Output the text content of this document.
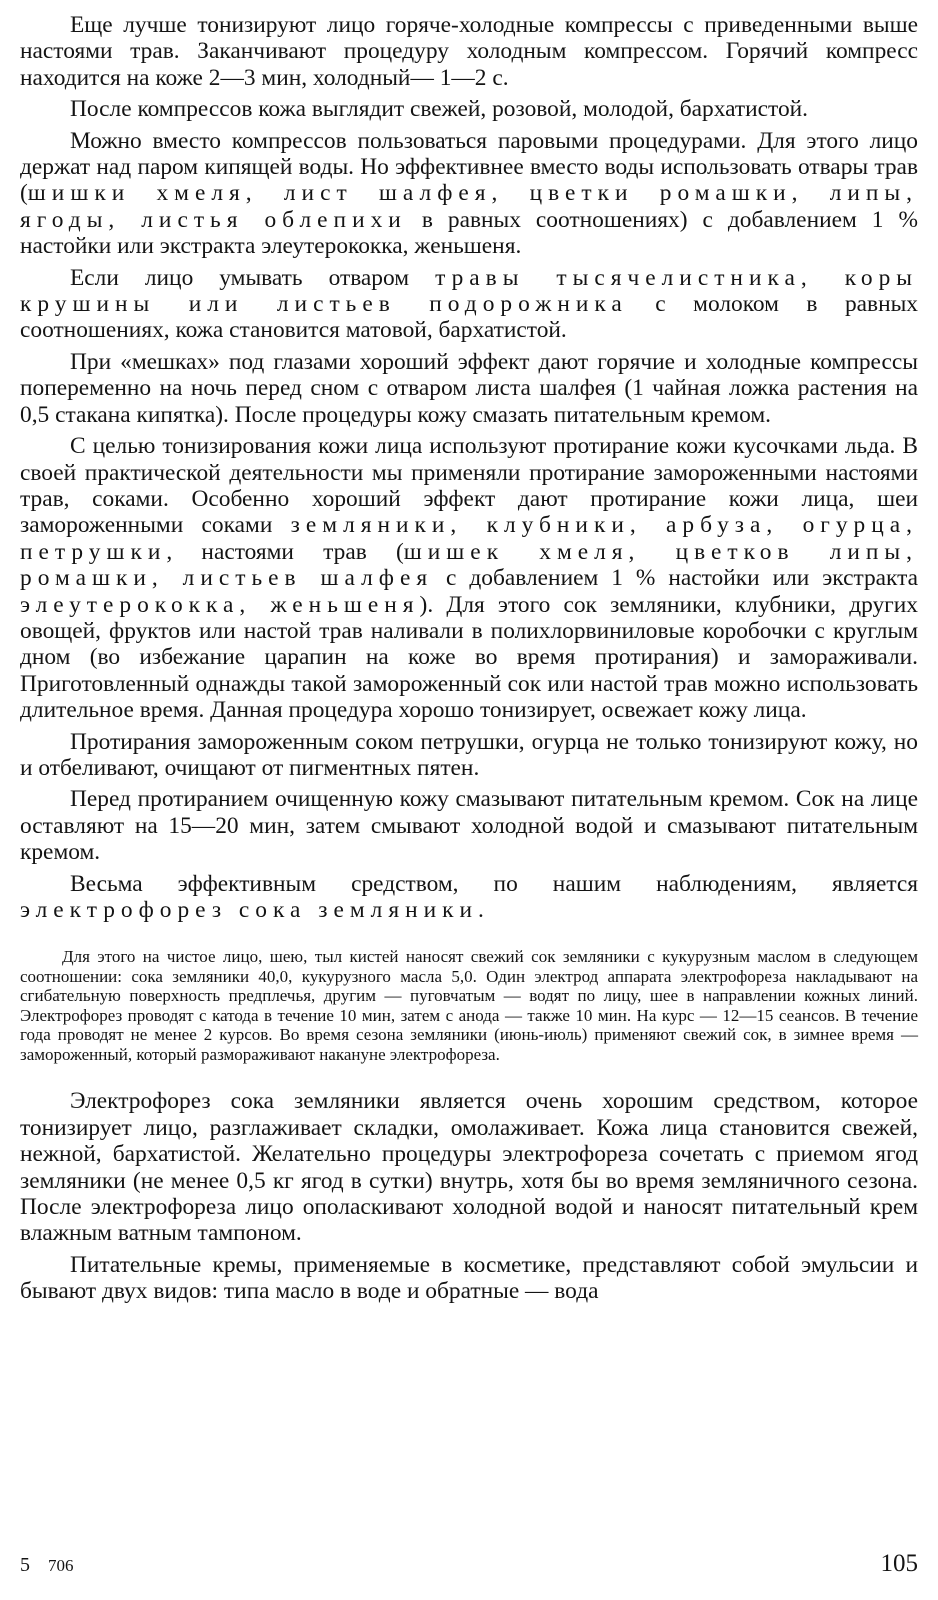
Еще лучше тонизируют лицо горяче-холодные компрессы с приведенными выше настоями трав. Заканчивают процедуру холодным компрессом. Горячий компресс находится на коже 2—3 мин, холодный— 1—2 с.

После компрессов кожа выглядит свежей, розовой, молодой, бархатистой.

Можно вместо компрессов пользоваться паровыми процедурами. Для этого лицо держат над паром кипящей воды. Но эффективнее вместо воды использовать отвары трав (шишки хмеля, лист шалфея, цветки ромашки, липы, ягоды, листья облепихи в равных соотношениях) с добавлением 1 % настойки или экстракта элеутерококка, женьшеня.

Если лицо умывать отваром травы тысячелистника, коры крушины или листьев подорожника с молоком в равных соотношениях, кожа становится матовой, бархатистой.

При «мешках» под глазами хороший эффект дают горячие и холодные компрессы попеременно на ночь перед сном с отваром листа шалфея (1 чайная ложка растения на 0,5 стакана кипятка). После процедуры кожу смазать питательным кремом.

С целью тонизирования кожи лица используют протирание кожи кусочками льда. В своей практической деятельности мы применяли протирание замороженными настоями трав, соками. Особенно хороший эффект дают протирание кожи лица, шеи замороженными соками земляники, клубники, арбуза, огурца, петрушки, настоями трав (шишек хмеля, цветков липы, ромашки, листьев шалфея с добавлением 1 % настойки или экстракта элеутерококка, женьшеня). Для этого сок земляники, клубники, других овощей, фруктов или настой трав наливали в полихлорвиниловые коробочки с круглым дном (во избежание царапин на коже во время протирания) и замораживали. Приготовленный однажды такой замороженный сок или настой трав можно использовать длительное время. Данная процедура хорошо тонизирует, освежает кожу лица.

Протирания замороженным соком петрушки, огурца не только тонизируют кожу, но и отбеливают, очищают от пигментных пятен.

Перед протиранием очищенную кожу смазывают питательным кремом. Сок на лице оставляют на 15—20 мин, затем смывают холодной водой и смазывают питательным кремом.

Весьма эффективным средством, по нашим наблюдениям, является электрофорез сока земляники.

Для этого на чистое лицо, шею, тыл кистей наносят свежий сок земляники с кукурузным маслом в следующем соотношении: сока земляники 40,0, кукурузного масла 5,0. Один электрод аппарата электрофореза накладывают на сгибательную поверхность предплечья, другим — пуговчатым — водят по лицу, шее в направлении кожных линий. Электрофорез проводят с катода в течение 10 мин, затем с анода — также 10 мин. На курс — 12—15 сеансов. В течение года проводят не менее 2 курсов. Во время сезона земляники (июнь-июль) применяют свежий сок, в зимнее время — замороженный, который размораживают накануне электрофореза.

Электрофорез сока земляники является очень хорошим средством, которое тонизирует лицо, разглаживает складки, омолаживает. Кожа лица становится свежей, нежной, бархатистой. Желательно процедуры электрофореза сочетать с приемом ягод земляники (не менее 0,5 кг ягод в сутки) внутрь, хотя бы во время земляничного сезона. После электрофореза лицо ополаскивают холодной водой и наносят питательный крем влажным ватным тампоном.

Питательные кремы, применяемые в косметике, представляют собой эмульсии и бывают двух видов: типа масло в воде и обратные — вода

5 706	105
